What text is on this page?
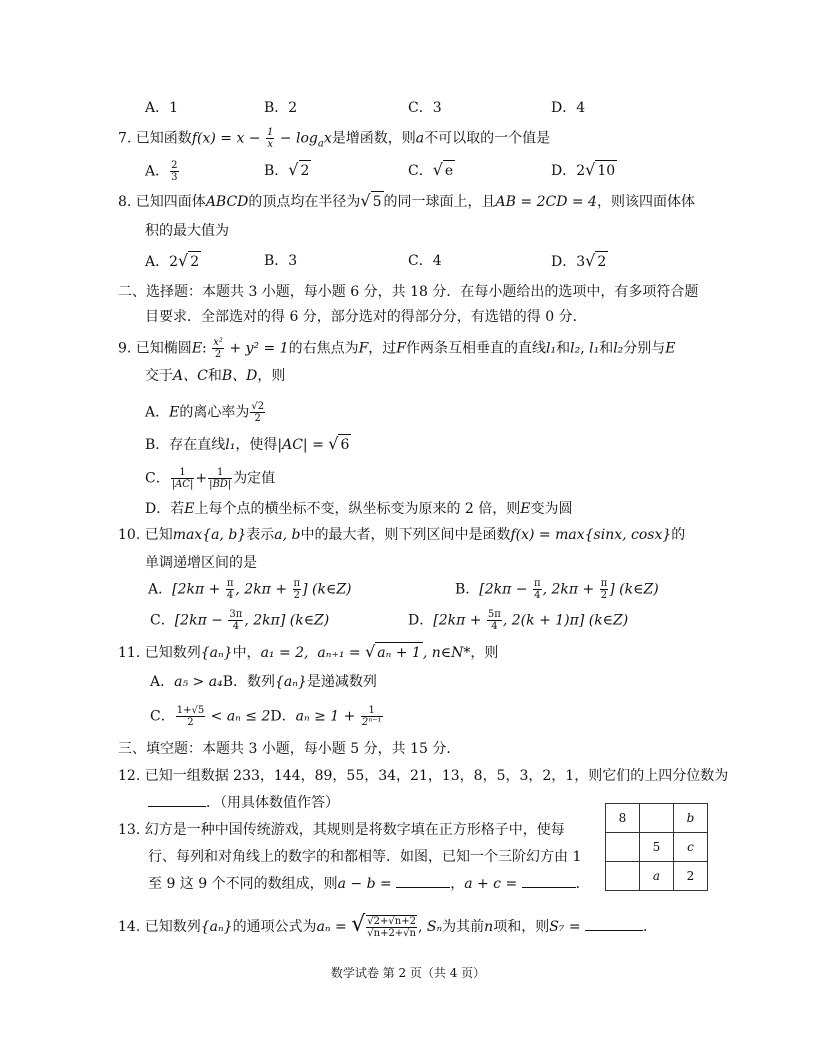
A．1	B．2	C．3	D．4
7. 已知函数$f(x) = x - \frac{1}{x} - \log_ax$是增函数，则a不可以取的一个值是
A． $\frac{2}{3}$	B．√ 2	C．√ e	D．2√ 10
8. 已知四面体ABCD的顶点均在半径为√ 5 的同一球面上，且AB = 2CD = 4，则该四面体体
积的最大值为
A．2√ 2	B．3	C．4	D．3√ 2
二、选择题：本题共 3 小题，每小题 6 分，共 18 分．在每小题给出的选项中，有多项符合题
目要求．全部选对的得 6 分，部分选对的得部分分，有选错的得 0 分．
9. 已知椭圆E: $\frac{\text{x²}}{2} + y^2 = 1$的右焦点为F，过F作两条互相垂直的直线l₁和l₂, l₁和l₂分别与E
交于A、C和B、D，则
A．E的离心率为 $\frac{√2}{2}$
B．存在直线l₁，使得|AC| = √ 6
C． $\frac{1}{|AC|} + \frac{1}{|BD|}$ 为定值
D．若E上每个点的横坐标不变，纵坐标变为原来的 2 倍，则E变为圆
10. 已知max{a, b}表示a, b中的最大者，则下列区间中是函数f(x) = max{sinx, cosx}的
单调递增区间的是
A．[$2k\pi + \frac{\pi}{4}$ , $2k\pi + \frac{\pi}{2}$ ] (k∈Z)	B．[$2k\pi - \frac{\pi}{4}$ , $2k\pi + \frac{\pi}{2}$ ] (k∈Z)
C．[$2k\pi - \frac{3\pi}{4}$ , 2kπ] (k∈Z)	D．[$2k\pi + \frac{5\pi}{4}$ , 2(k + 1)π] (k∈Z)
11. 已知数列{aₙ}中，a₁ = 2, aₙ₊₁ = √ aₙ + 1 , n∈N*，则
A．a₅ > a₄B．数列{aₙ}是递减数列
C． $\frac{1+√5}{2} < a_n \le 2D$．$a_n \ge 1 + \frac{1}{\text{2ⁿ⁻¹}}$
三、填空题：本题共 3 小题，每小题 5 分，共 15 分．
12. 已知一组数据 233，144，89，55，34，21，13，8，5，3，2，1，则它们的上四分位数为
．（用具体数值作答）
13. 幻方是一种中国传统游戏，其规则是将数字填在正方形格子中，使每
行、每列和对角线上的数字的和都相等．如图，已知一个三阶幻方由 1
至 9 这 9 个不同的数组成，则a − b =	，a + c =	．
8		b
	5	c
	a	2
14. 已知数列{aₙ}的通项公式为aₙ = √ $\frac{√2+√n+2}{√n+2+√n}$ , Sₙ为其前n项和，则S₇ =	．
数学试卷 第 2 页（共 4 页）
